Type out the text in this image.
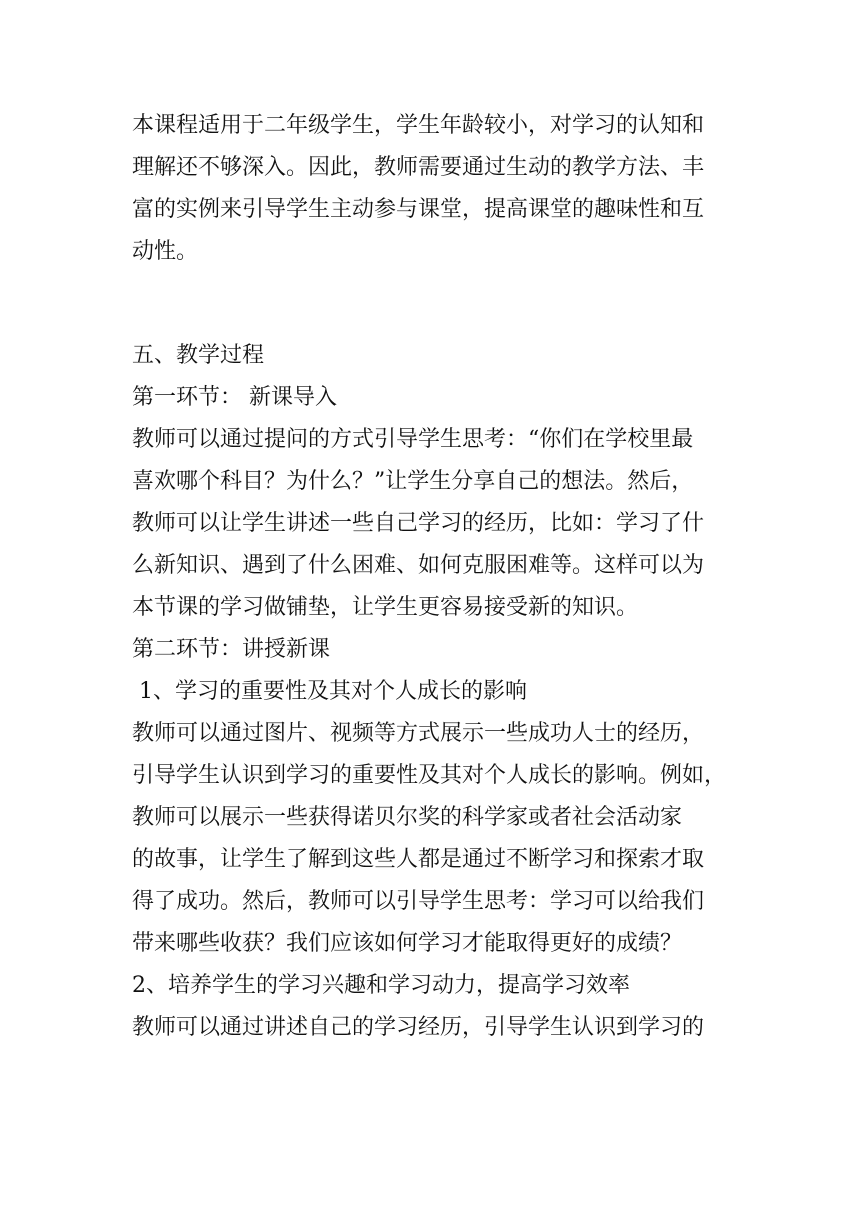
本课程适用于二年级学生，学生年龄较小，对学习的认知和
理解还不够深入。因此，教师需要通过生动的教学方法、丰
富的实例来引导学生主动参与课堂，提高课堂的趣味性和互
动性。
五、教学过程
第一环节： 新课导入
教师可以通过提问的方式引导学生思考：“你们在学校里最
喜欢哪个科目？为什么？”让学生分享自己的想法。然后，
教师可以让学生讲述一些自己学习的经历，比如：学习了什
么新知识、遇到了什么困难、如何克服困难等。这样可以为
本节课的学习做铺垫，让学生更容易接受新的知识。
第二环节：讲授新课
1、学习的重要性及其对个人成长的影响
教师可以通过图片、视频等方式展示一些成功人士的经历，
引导学生认识到学习的重要性及其对个人成长的影响。例如，
教师可以展示一些获得诺贝尔奖的科学家或者社会活动家
的故事，让学生了解到这些人都是通过不断学习和探索才取
得了成功。然后，教师可以引导学生思考：学习可以给我们
带来哪些收获？我们应该如何学习才能取得更好的成绩？
2、培养学生的学习兴趣和学习动力，提高学习效率
教师可以通过讲述自己的学习经历，引导学生认识到学习的
